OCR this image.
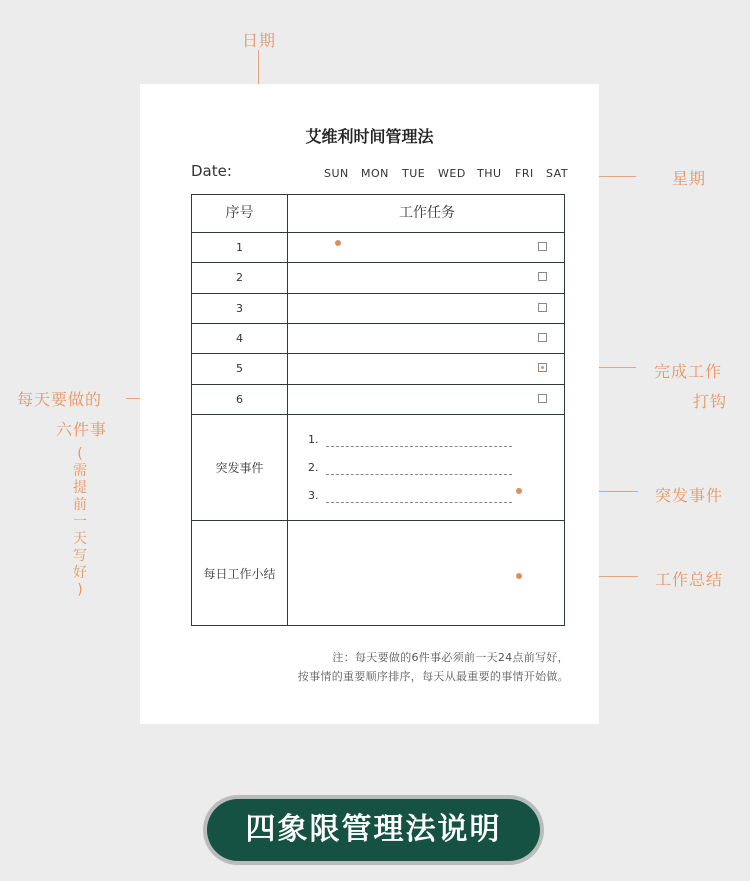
日期
星期
每天要做的
六件事
(
需
提
前
一
天
写
好
)
完成工作
打钩
突发事件
工作总结
艾维利时间管理法
Date:	SUN MON TUE WED THU FRI SAT
序号	工作任务
1
2
3
4
5
6
突发事件
1.
2.
3.
每日工作小结
注：每天要做的6件事必须前一天24点前写好，
按事情的重要顺序排序，每天从最重要的事情开始做。
四象限管理法说明
